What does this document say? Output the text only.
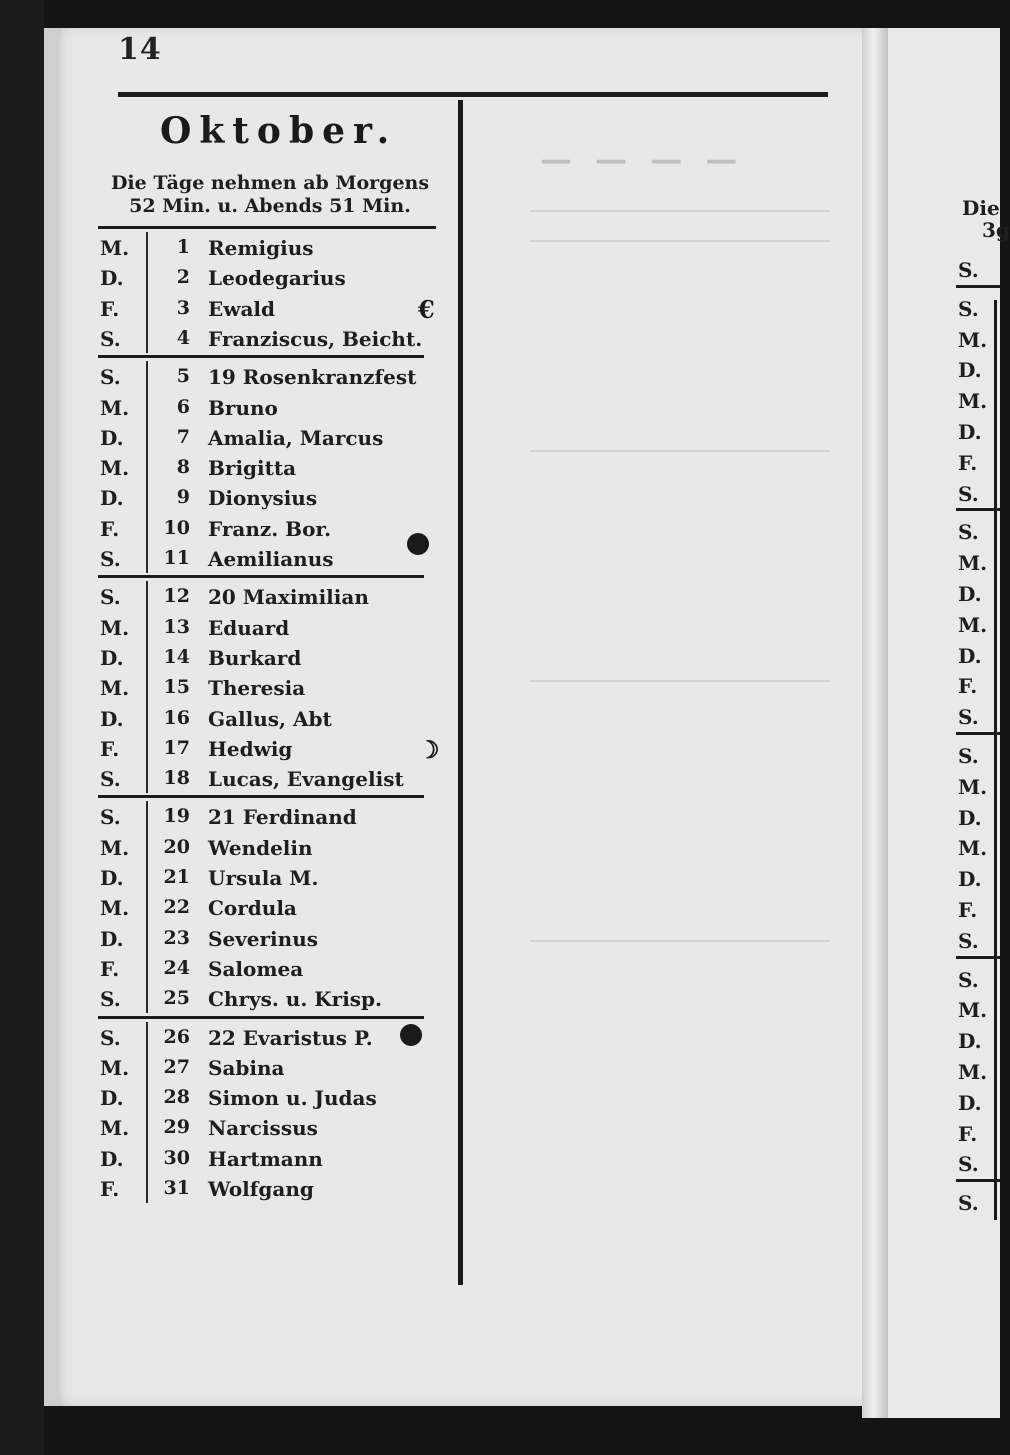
14
Oktober.
Die Täge nehmen ab Morgens
52 Min. u. Abends 51 Min.
— — — —
M.	1 Remigius
D.	2 Leodegarius
F.	3 Ewald	€
S.	4 Franziscus, Beicht.
S.	5 19 Rosenkranzfest
M.	6 Bruno
D.	7 Amalia, Marcus
M.	8 Brigitta
D.	9 Dionysius
F.	10 Franz. Bor.
S.	11 Aemilianus
S.	12 20 Maximilian
M.	13 Eduard
D.	14 Burkard
M.	15 Theresia
D.	16 Gallus, Abt
F.	17 Hedwig	☽
S.	18 Lucas, Evangelist
S.	19 21 Ferdinand
M.	20 Wendelin
D.	21 Ursula M.
M.	22 Cordula
D.	23 Severinus
F.	24 Salomea
S.	25 Chrys. u. Krisp.
S.	26 22 Evaristus P.
M.	27 Sabina
D.	28 Simon u. Judas
M.	29 Narcissus
D.	30 Hartmann
F.	31 Wolfgang
Die
3g
S.
S.
M.
D.
M.
D.
F.
S.
S.
M.
D.
M.
D.
F.
S.
S.
M.
D.
M.
D.
F.
S.
S.
M.
D.
M.
D.
F.
S.
S.
